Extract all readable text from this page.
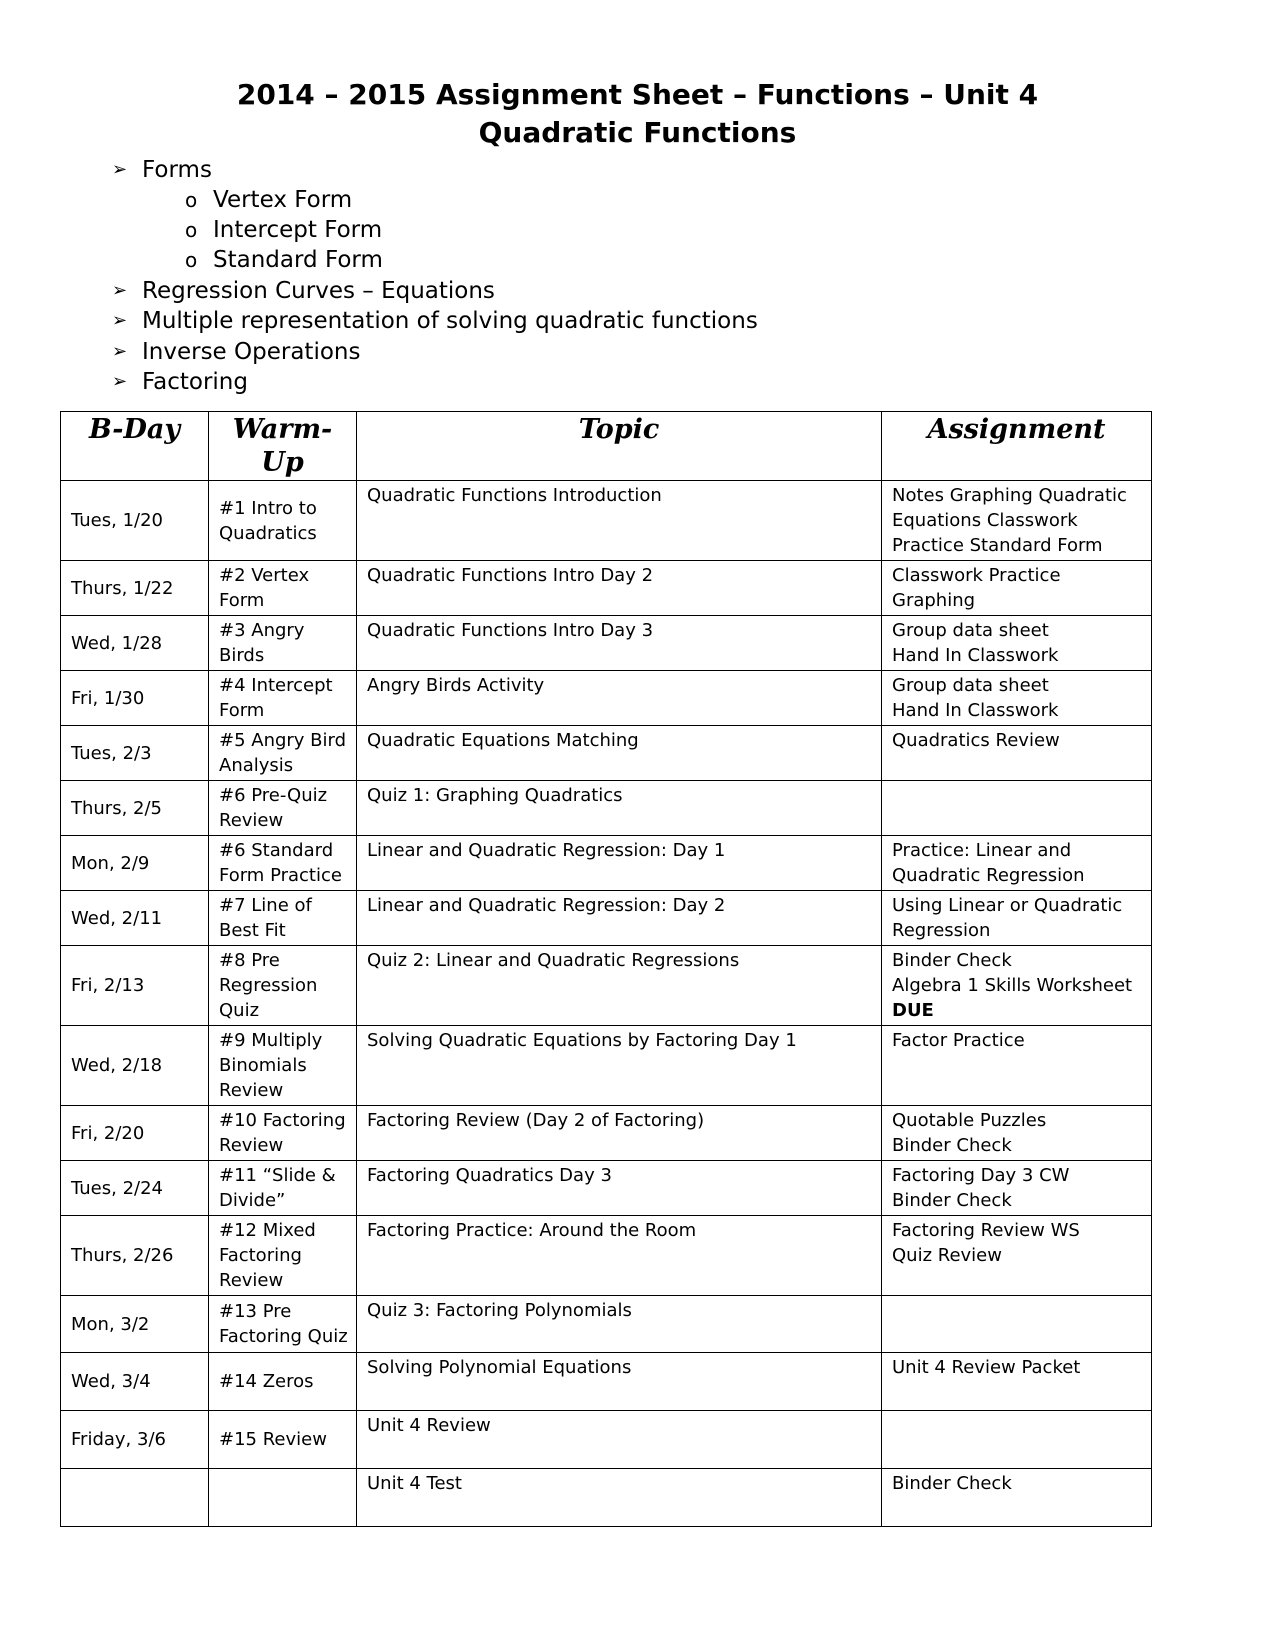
2014 – 2015 Assignment Sheet – Functions – Unit 4
Quadratic Functions
➢ Forms
o Vertex Form
o Intercept Form
o Standard Form
➢ Regression Curves – Equations
➢ Multiple representation of solving quadratic functions
➢ Inverse Operations
➢ Factoring
B-Day	Warm-Up	Topic	Assignment
Tues, 1/20	#1 Intro to Quadratics	Quadratic Functions Introduction	Notes Graphing Quadratic Equations Classwork Practice Standard Form

Thurs, 1/22	#2 Vertex Form	Quadratic Functions Intro Day 2	Classwork Practice Graphing

Wed, 1/28	#3 Angry Birds	Quadratic Functions Intro Day 3	Group data sheet
Hand In Classwork

Fri, 1/30	#4 Intercept Form	Angry Birds Activity	Group data sheet
Hand In Classwork

Tues, 2/3	#5 Angry Bird Analysis	Quadratic Equations Matching	Quadratics Review

Thurs, 2/5	#6 Pre-Quiz Review	Quiz 1: Graphing Quadratics	
Mon, 2/9	#6 Standard Form Practice	Linear and Quadratic Regression: Day 1	Practice: Linear and Quadratic Regression

Wed, 2/11	#7 Line of Best Fit	Linear and Quadratic Regression: Day 2	Using Linear or Quadratic Regression

Fri, 2/13	#8 Pre Regression Quiz	Quiz 2: Linear and Quadratic Regressions	Binder Check
Algebra 1 Skills Worksheet
DUE

Wed, 2/18	#9 Multiply Binomials Review	Solving Quadratic Equations by Factoring Day 1	Factor Practice

Fri, 2/20	#10 Factoring Review	Factoring Review (Day 2 of Factoring)	Quotable Puzzles
Binder Check

Tues, 2/24	#11 “Slide & Divide”	Factoring Quadratics Day 3	Factoring Day 3 CW
Binder Check

Thurs, 2/26	#12 Mixed Factoring Review	Factoring Practice: Around the Room	Factoring Review WS
Quiz Review

Mon, 3/2	#13 Pre Factoring Quiz	Quiz 3: Factoring Polynomials	
Wed, 3/4	#14 Zeros	Solving Polynomial Equations	Unit 4 Review Packet

Friday, 3/6	#15 Review	Unit 4 Review	
		Unit 4 Test	Binder Check
